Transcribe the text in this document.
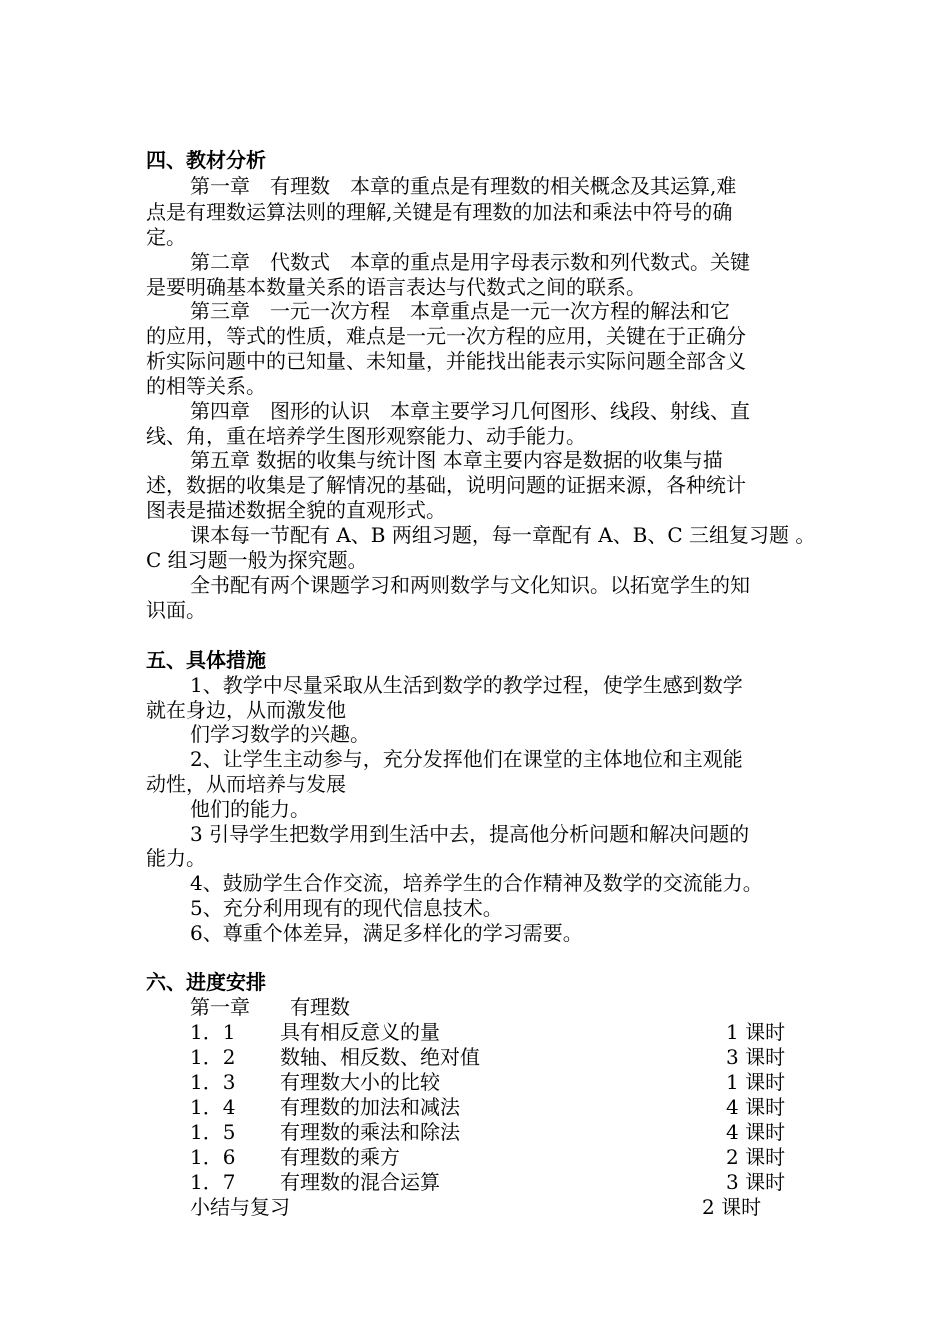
四、教材分析
第一章　有理数　本章的重点是有理数的相关概念及其运算,难
点是有理数运算法则的理解,关键是有理数的加法和乘法中符号的确
定。
第二章　代数式　本章的重点是用字母表示数和列代数式。关键
是要明确基本数量关系的语言表达与代数式之间的联系。
第三章　一元一次方程　本章重点是一元一次方程的解法和它
的应用，等式的性质，难点是一元一次方程的应用，关键在于正确分
析实际问题中的已知量、未知量，并能找出能表示实际问题全部含义
的相等关系。
第四章　图形的认识　本章主要学习几何图形、线段、射线、直
线、角，重在培养学生图形观察能力、动手能力。
第五章 数据的收集与统计图 本章主要内容是数据的收集与描
述，数据的收集是了解情况的基础，说明问题的证据来源，各种统计
图表是描述数据全貌的直观形式。
课本每一节配有 A、B 两组习题，每一章配有 A、B、C 三组复习题 。
C 组习题一般为探究题。
全书配有两个课题学习和两则数学与文化知识。以拓宽学生的知
识面。
五、具体措施
1、教学中尽量采取从生活到数学的教学过程，使学生感到数学
就在身边，从而激发他
们学习数学的兴趣。
2、让学生主动参与，充分发挥他们在课堂的主体地位和主观能
动性，从而培养与发展
他们的能力。
3 引导学生把数学用到生活中去，提高他分析问题和解决问题的
能力。
4、鼓励学生合作交流，培养学生的合作精神及数学的交流能力。
5、充分利用现有的现代信息技术。
6、尊重个体差异，满足多样化的学习需要。
六、进度安排
第一章　　有理数
1．1 具有相反意义的量	1 课时
1．2 数轴、相反数、绝对值	3 课时
1．3 有理数大小的比较	1 课时
1．4 有理数的加法和减法	4 课时
1．5 有理数的乘法和除法	4 课时
1．6 有理数的乘方	2 课时
1．7 有理数的混合运算	3 课时
小结与复习	2 课时
